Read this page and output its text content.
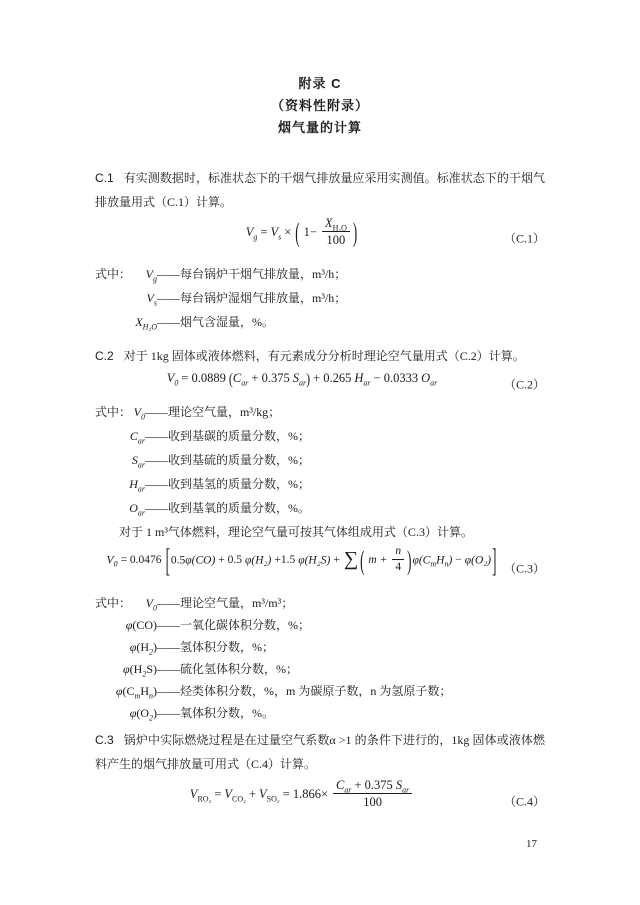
附录 C
（资料性附录）
烟气量的计算
C.1 有实测数据时，标准状态下的干烟气排放量应采用实测值。标准状态下的干烟气排放量用式（C.1）计算。
$V_g = V_s$ × ( $1- \frac{X_{H_2O}}{100}$ )	（C.1）
式中：	$V_g$ —— 每台锅炉干烟气排放量，m³/h；
$V_s$ —— 每台锅炉湿烟气排放量，m³/h；
$X_{H_2O}$ —— 烟气含湿量，%。
C.2 对于 1kg 固体或液体燃料，有元素成分分析时理论空气量用式（C.2）计算。
$V_0 = 0.0889$ ($C_{ar} + 0.375$ $S_{ar}) + 0.265$ $H_{ar} - 0.0333$ $O_{ar}$	（C.2）
式中： $V_0$ —— 理论空气量，m³/kg；
$C_{ar}$ —— 收到基碳的质量分数，%；
$S_{ar}$ —— 收到基硫的质量分数，%；
$H_{ar}$ —— 收到基氢的质量分数，%；
$O_{ar}$ —— 收到基氧的质量分数，%。
对于 1 m³气体燃料，理论空气量可按其气体组成用式（C.3）计算。
$V_0 = 0.0476$ [0.5φ(CO) + 0.5 φ(H₂) +1.5 φ(H₂S) + ∑ ( $m + \frac{n}{4} )\varphi(C_mH_n) - \varphi(O_2)$] （C.3）
式中：	$V_0$ —— 理论空气量，m³/m³；
φ(CO) —— 一氧化碳体积分数，%；
$\varphi(H_2)$ —— 氢体积分数，%；
$\varphi(H_2S)$ —— 硫化氢体积分数，%；
$\varphi(C_mH_n)$ —— 烃类体积分数，%，m 为碳原子数，n 为氢原子数；
$\varphi(O_2)$ —— 氧体积分数，%。
C.3 锅炉中实际燃烧过程是在过量空气系数α >1 的条件下进行的，1kg 固体或液体燃料产生的烟气排放量可用式（C.4）计算。
$V_{RO_2} = V_{CO_2} + V_{SO_2} = 1.866\times \frac{C_{ar} + 0.375 S_{ar}}{100}$	（C.4）
17
